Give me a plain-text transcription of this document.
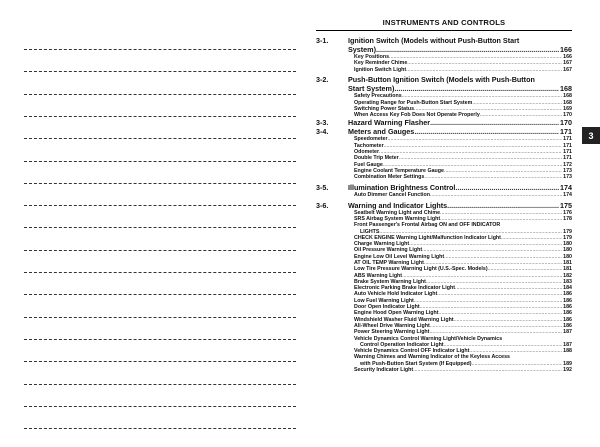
INSTRUMENTS AND CONTROLS
3
3-1.	Ignition Switch (Models without Push-Button Start
System) .....	166
Key Positions .....	166
Key Reminder Chime .....	167
Ignition Switch Light .....	167
3-2.	Push-Button Ignition Switch (Models with Push-Button
Start System) .....	168
Safety Precautions .....	168
Operating Range for Push-Button Start System .....	168
Switching Power Status .....	169
When Access Key Fob Does Not Operate Properly .....	170
3-3.	Hazard Warning Flasher .....	170
3-4.	Meters and Gauges .....	171
Speedometer .....	171
Tachometer .....	171
Odometer .....	171
Double Trip Meter .....	171
Fuel Gauge .....	172
Engine Coolant Temperature Gauge .....	173
Combination Meter Settings .....	173
3-5.	Illumination Brightness Control .....	174
Auto Dimmer Cancel Function .....	174
3-6.	Warning and Indicator Lights .....	175
Seatbelt Warning Light and Chime .....	176
SRS Airbag System Warning Light .....	178
Front Passenger's Frontal Airbag ON and OFF INDICATOR
LIGHTS .....	179
CHECK ENGINE Warning Light/Malfunction Indicator Light .....	179
Charge Warning Light .....	180
Oil Pressure Warning Light .....	180
Engine Low Oil Level Warning Light .....	180
AT OIL TEMP Warning Light .....	181
Low Tire Pressure Warning Light (U.S.-Spec. Models) .....	181
ABS Warning Light .....	182
Brake System Warning Light .....	183
Electronic Parking Brake Indicator Light .....	184
Auto Vehicle Hold Indicator Light .....	186
Low Fuel Warning Light .....	186
Door Open Indicator Light .....	186
Engine Hood Open Warning Light .....	186
Windshield Washer Fluid Warning Light .....	186
All-Wheel Drive Warning Light .....	186
Power Steering Warning Light .....	187
Vehicle Dynamics Control Warning Light/Vehicle Dynamics
Control Operation Indicator Light .....	187
Vehicle Dynamics Control OFF Indicator Light .....	188
Warning Chimes and Warning Indicator of the Keyless Access
with Push-Button Start System (If Equipped) .....	189
Security Indicator Light .....	192
